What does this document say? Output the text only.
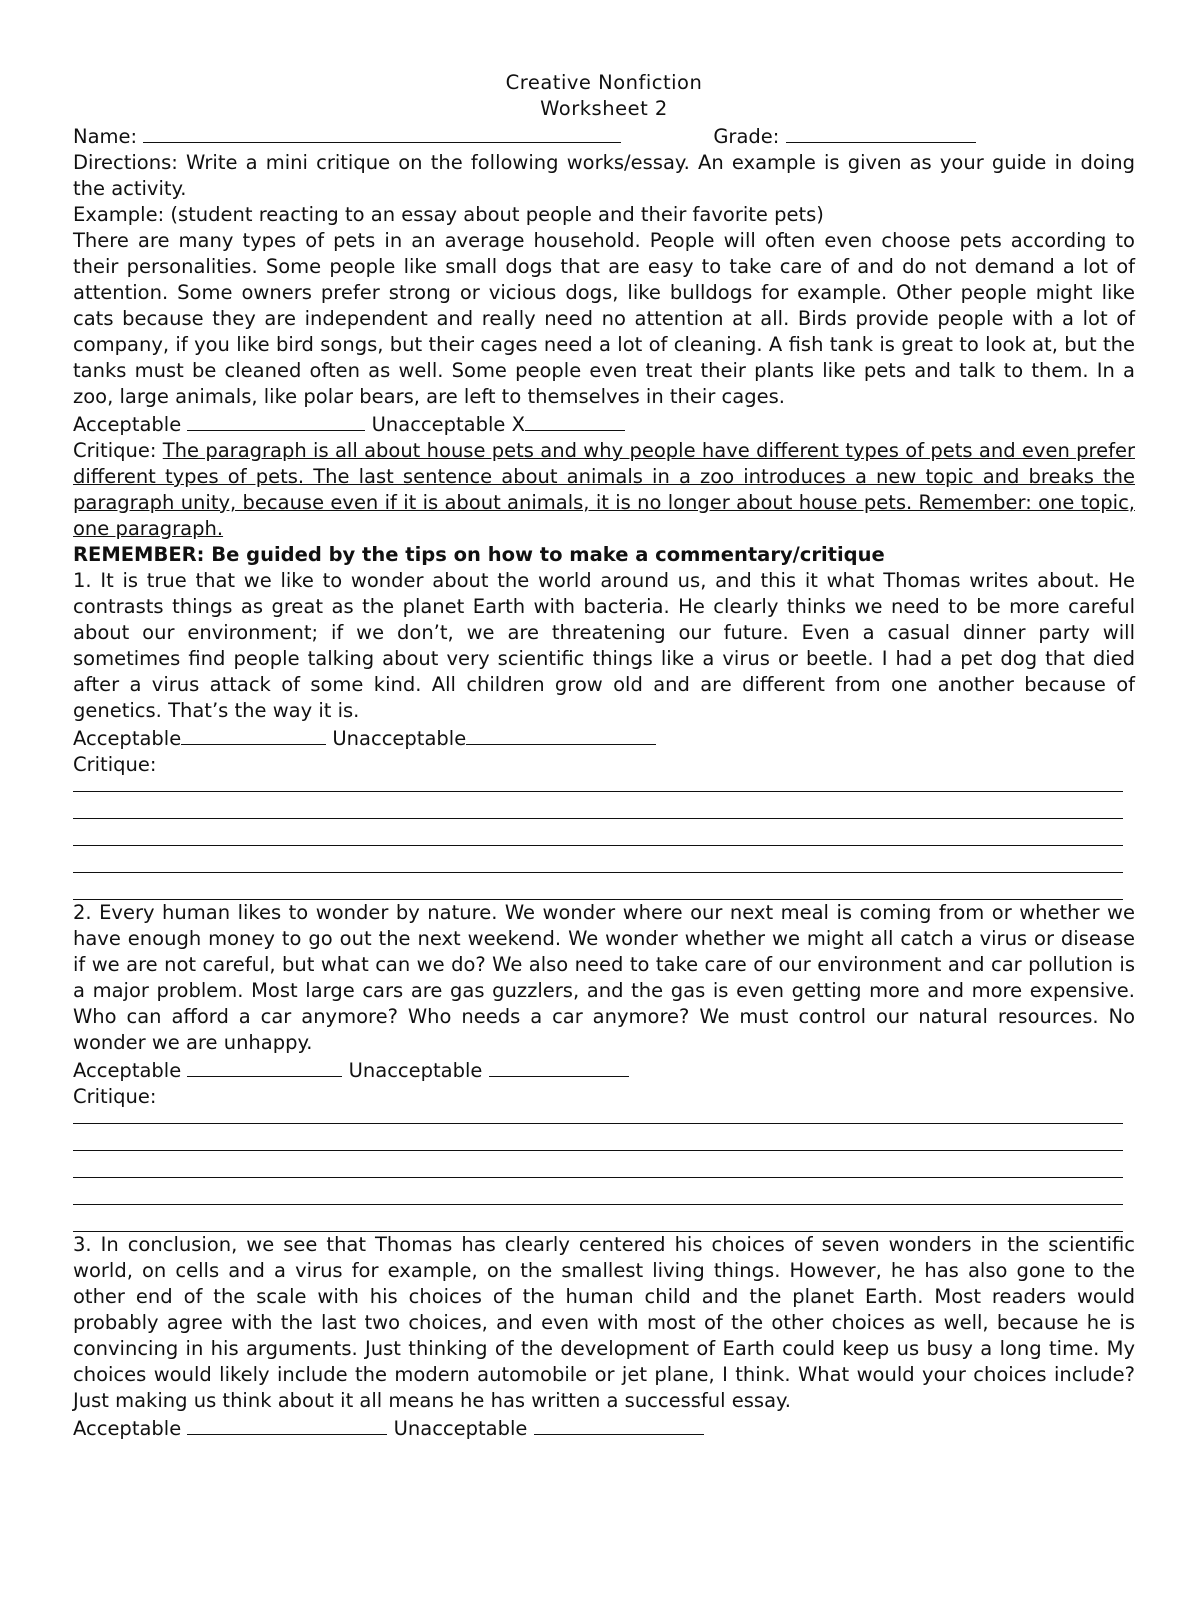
Creative Nonfiction

Worksheet 2

Name:	Grade:

Directions: Write a mini critique on the following works/essay. An example is given as your guide in doing the activity.

Example: (student reacting to an essay about people and their favorite pets)

There are many types of pets in an average household. People will often even choose pets according to their personalities. Some people like small dogs that are easy to take care of and do not demand a lot of attention. Some owners prefer strong or vicious dogs, like bulldogs for example. Other people might like cats because they are independent and really need no attention at all. Birds provide people with a lot of company, if you like bird songs, but their cages need a lot of cleaning. A fish tank is great to look at, but the tanks must be cleaned often as well. Some people even treat their plants like pets and talk to them. In a zoo, large animals, like polar bears, are left to themselves in their cages.

Acceptable	Unacceptable X

Critique: The paragraph is all about house pets and why people have different types of pets and even prefer different types of pets. The last sentence about animals in a zoo introduces a new topic and breaks the paragraph unity, because even if it is about animals, it is no longer about house pets. Remember: one topic, one paragraph.

REMEMBER: Be guided by the tips on how to make a commentary/critique

1. It is true that we like to wonder about the world around us, and this it what Thomas writes about. He contrasts things as great as the planet Earth with bacteria. He clearly thinks we need to be more careful about our environment; if we don’t, we are threatening our future. Even a casual dinner party will sometimes find people talking about very scientific things like a virus or beetle. I had a pet dog that died after a virus attack of some kind. All children grow old and are different from one another because of genetics. That’s the way it is.

Acceptable	Unacceptable

Critique:

2. Every human likes to wonder by nature. We wonder where our next meal is coming from or whether we have enough money to go out the next weekend. We wonder whether we might all catch a virus or disease if we are not careful, but what can we do? We also need to take care of our environment and car pollution is a major problem. Most large cars are gas guzzlers, and the gas is even getting more and more expensive. Who can afford a car anymore? Who needs a car anymore? We must control our natural resources. No wonder we are unhappy.

Acceptable	Unacceptable

Critique:

3. In conclusion, we see that Thomas has clearly centered his choices of seven wonders in the scientific world, on cells and a virus for example, on the smallest living things. However, he has also gone to the other end of the scale with his choices of the human child and the planet Earth. Most readers would probably agree with the last two choices, and even with most of the other choices as well, because he is convincing in his arguments. Just thinking of the development of Earth could keep us busy a long time. My choices would likely include the modern automobile or jet plane, I think. What would your choices include? Just making us think about it all means he has written a successful essay.

Acceptable	Unacceptable
